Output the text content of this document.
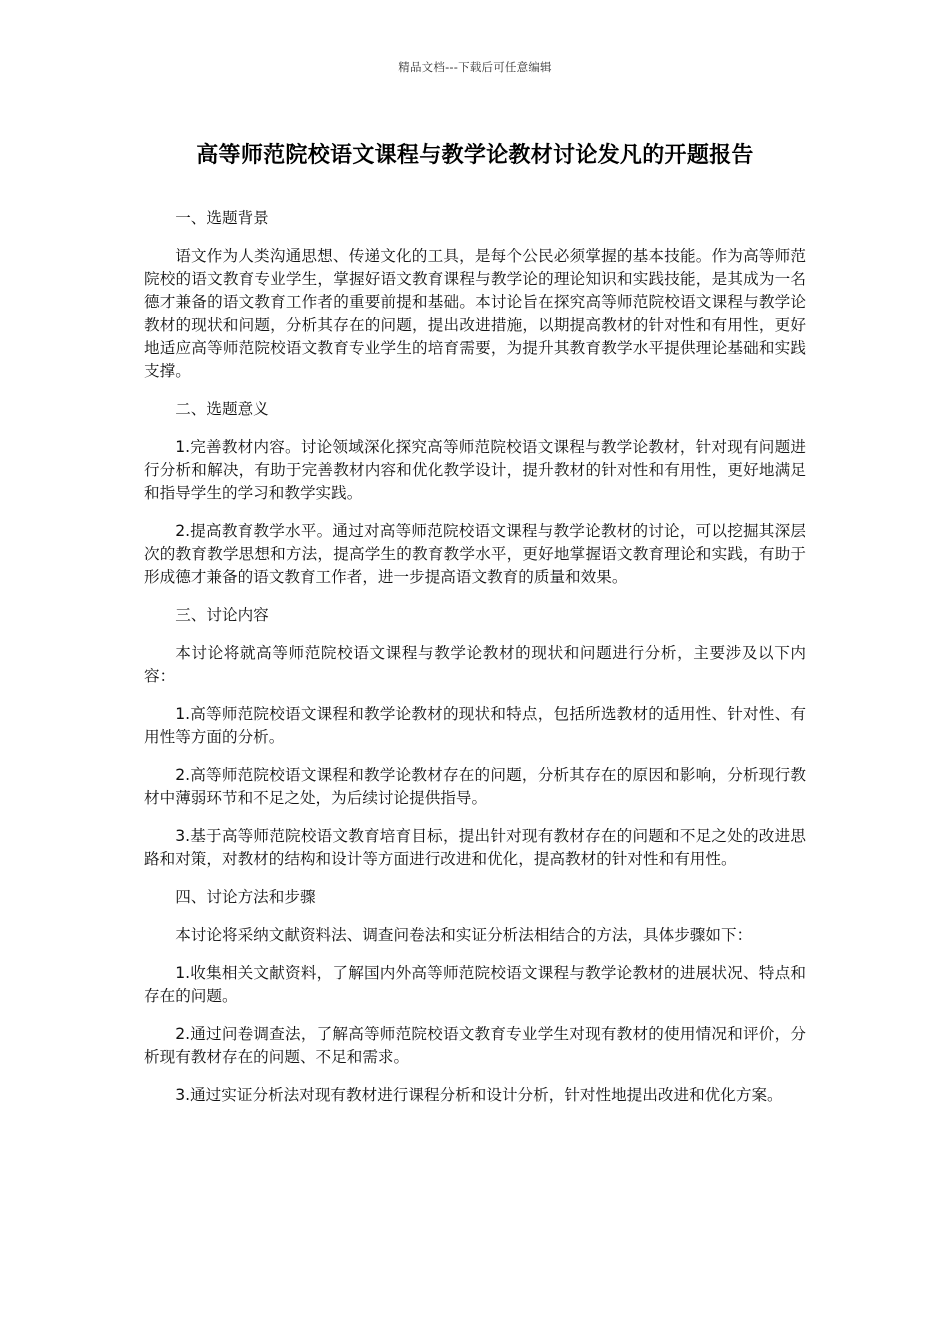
精品文档---下载后可任意编辑
高等师范院校语文课程与教学论教材讨论发凡的开题报告

一、选题背景

语文作为人类沟通思想、传递文化的工具，是每个公民必须掌握的基本技能。作为高等师范院校的语文教育专业学生，掌握好语文教育课程与教学论的理论知识和实践技能，是其成为一名德才兼备的语文教育工作者的重要前提和基础。本讨论旨在探究高等师范院校语文课程与教学论教材的现状和问题，分析其存在的问题，提出改进措施，以期提高教材的针对性和有用性，更好地适应高等师范院校语文教育专业学生的培育需要，为提升其教育教学水平提供理论基础和实践支撑。

二、选题意义

1.完善教材内容。讨论领域深化探究高等师范院校语文课程与教学论教材，针对现有问题进行分析和解决，有助于完善教材内容和优化教学设计，提升教材的针对性和有用性，更好地满足和指导学生的学习和教学实践。

2.提高教育教学水平。通过对高等师范院校语文课程与教学论教材的讨论，可以挖掘其深层次的教育教学思想和方法，提高学生的教育教学水平，更好地掌握语文教育理论和实践，有助于形成德才兼备的语文教育工作者，进一步提高语文教育的质量和效果。

三、讨论内容

本讨论将就高等师范院校语文课程与教学论教材的现状和问题进行分析，主要涉及以下内容：

1.高等师范院校语文课程和教学论教材的现状和特点，包括所选教材的适用性、针对性、有用性等方面的分析。

2.高等师范院校语文课程和教学论教材存在的问题，分析其存在的原因和影响，分析现行教材中薄弱环节和不足之处，为后续讨论提供指导。

3.基于高等师范院校语文教育培育目标，提出针对现有教材存在的问题和不足之处的改进思路和对策，对教材的结构和设计等方面进行改进和优化，提高教材的针对性和有用性。

四、讨论方法和步骤

本讨论将采纳文献资料法、调查问卷法和实证分析法相结合的方法，具体步骤如下：

1.收集相关文献资料，了解国内外高等师范院校语文课程与教学论教材的进展状况、特点和存在的问题。

2.通过问卷调查法，了解高等师范院校语文教育专业学生对现有教材的使用情况和评价，分析现有教材存在的问题、不足和需求。

3.通过实证分析法对现有教材进行课程分析和设计分析，针对性地提出改进和优化方案。
